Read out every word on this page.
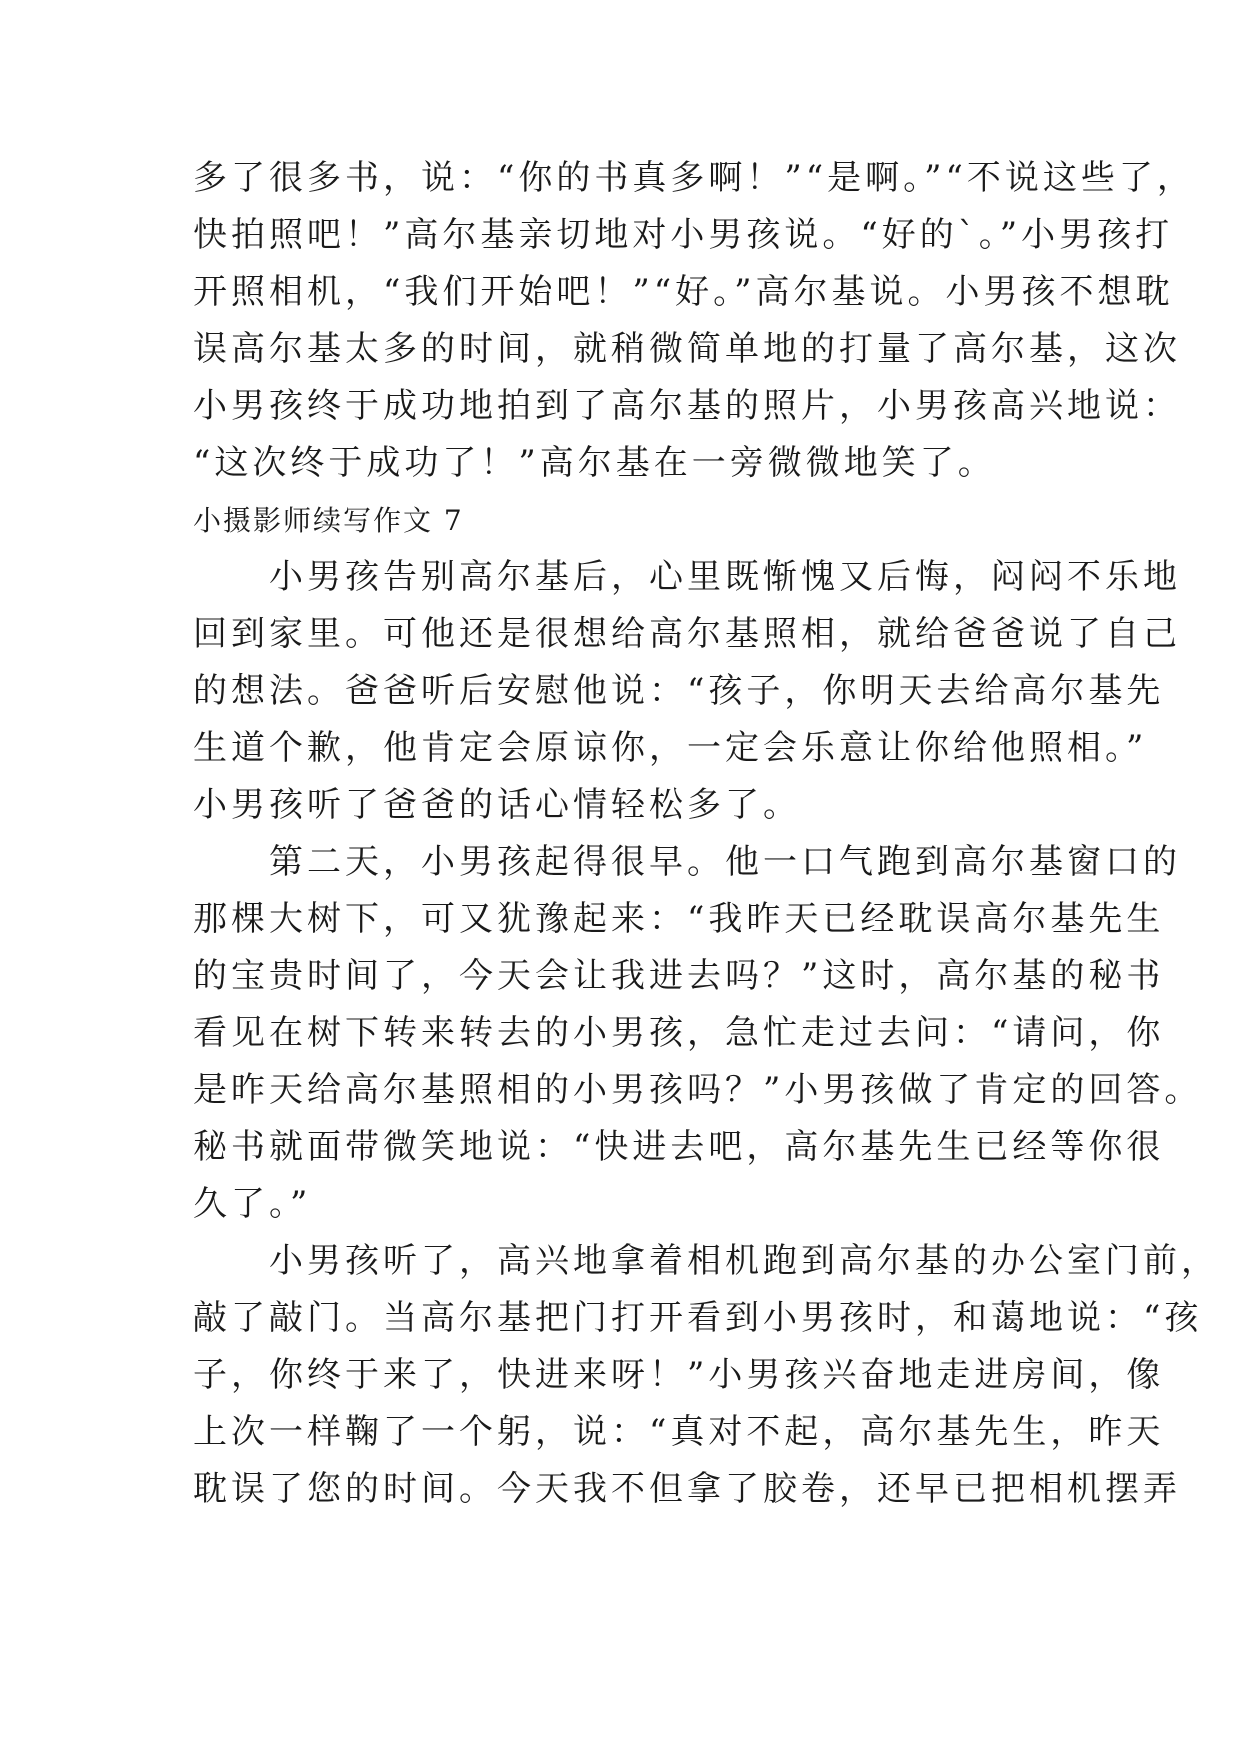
多了很多书，说：“你的书真多啊！”“是啊。”“不说这些了，
快拍照吧！”高尔基亲切地对小男孩说。“好的`。”小男孩打
开照相机，“我们开始吧！”“好。”高尔基说。小男孩不想耽
误高尔基太多的时间，就稍微简单地的打量了高尔基，这次
小男孩终于成功地拍到了高尔基的照片，小男孩高兴地说：
“这次终于成功了！”高尔基在一旁微微地笑了。
小摄影师续写作文 7
　　小男孩告别高尔基后，心里既惭愧又后悔，闷闷不乐地
回到家里。可他还是很想给高尔基照相，就给爸爸说了自己
的想法。爸爸听后安慰他说：“孩子，你明天去给高尔基先
生道个歉，他肯定会原谅你，一定会乐意让你给他照相。”
小男孩听了爸爸的话心情轻松多了。
　　第二天，小男孩起得很早。他一口气跑到高尔基窗口的
那棵大树下，可又犹豫起来：“我昨天已经耽误高尔基先生
的宝贵时间了，今天会让我进去吗？”这时，高尔基的秘书
看见在树下转来转去的小男孩，急忙走过去问：“请问，你
是昨天给高尔基照相的小男孩吗？”小男孩做了肯定的回答。
秘书就面带微笑地说：“快进去吧，高尔基先生已经等你很
久了。”
　　小男孩听了，高兴地拿着相机跑到高尔基的办公室门前，
敲了敲门。当高尔基把门打开看到小男孩时，和蔼地说：“孩
子，你终于来了，快进来呀！”小男孩兴奋地走进房间，像
上次一样鞠了一个躬，说：“真对不起，高尔基先生，昨天
耽误了您的时间。今天我不但拿了胶卷，还早已把相机摆弄
